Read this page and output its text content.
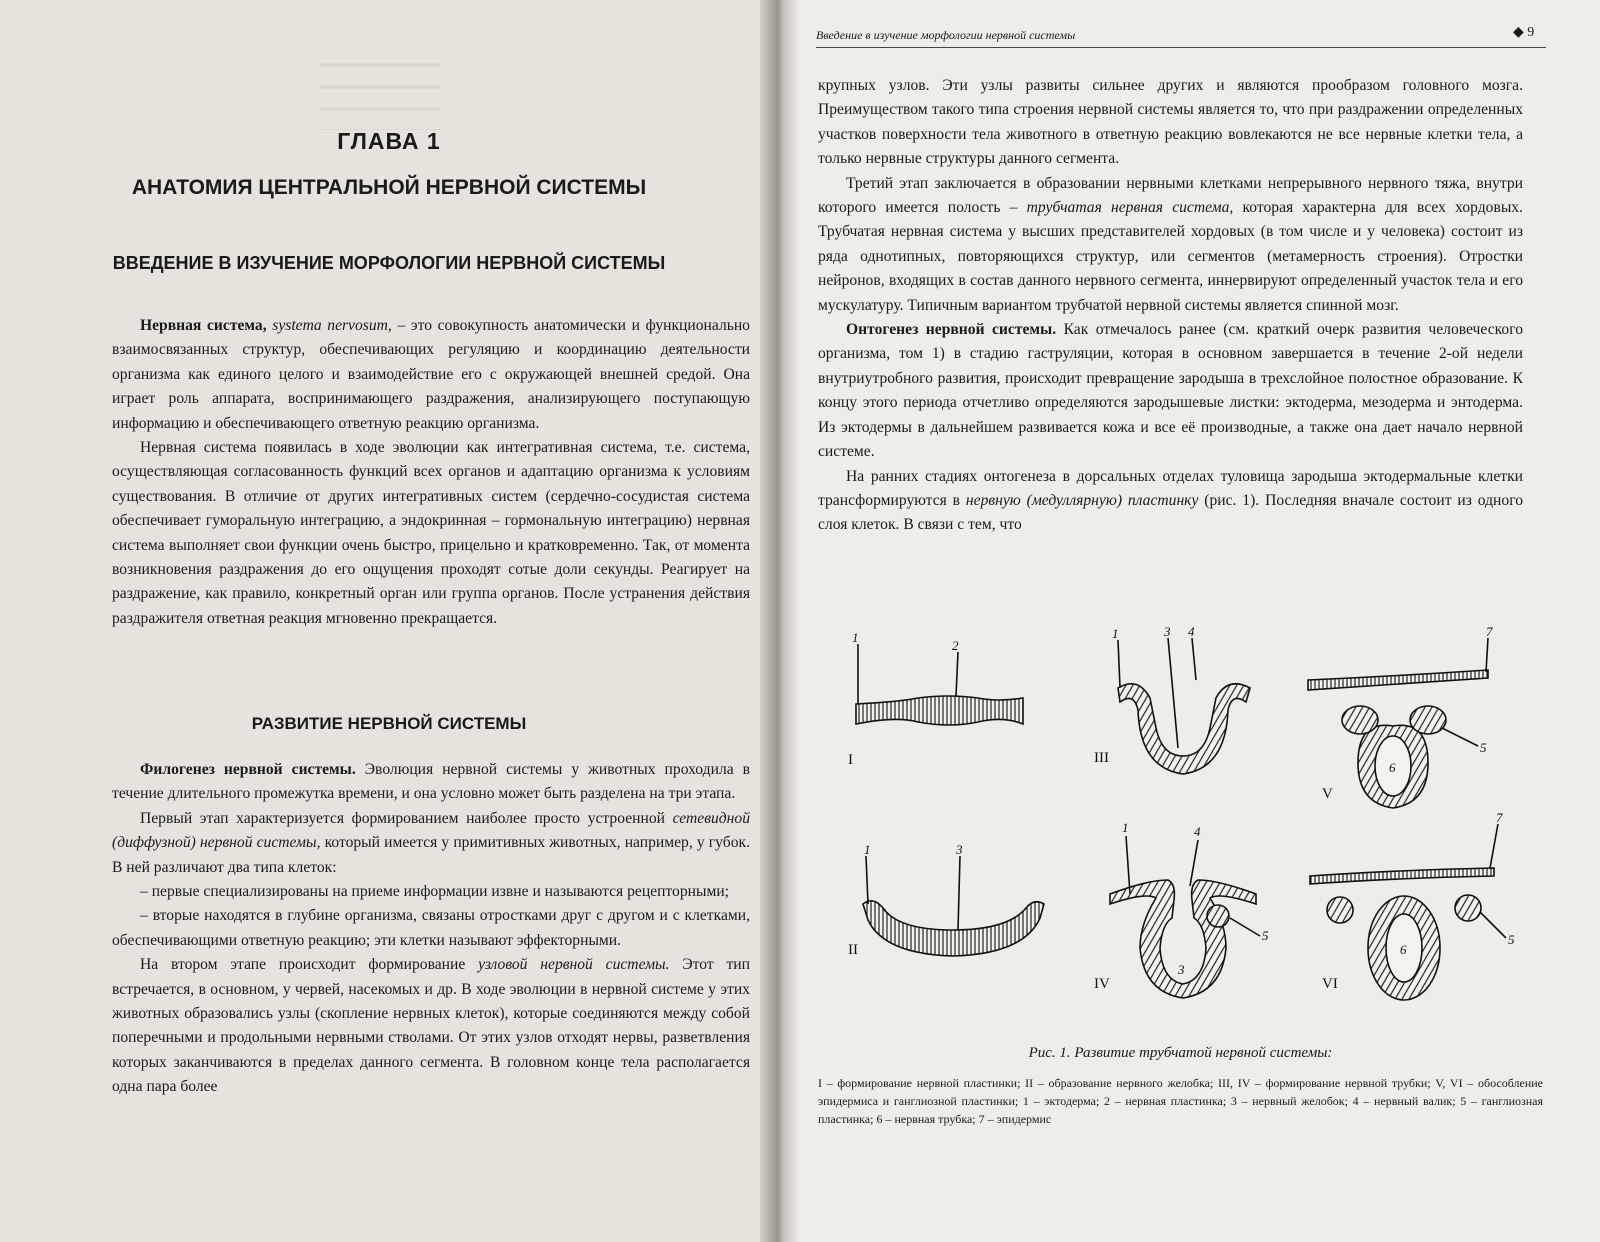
ГЛАВА 1
АНАТОМИЯ ЦЕНТРАЛЬНОЙ НЕРВНОЙ СИСТЕМЫ
ВВЕДЕНИЕ В ИЗУЧЕНИЕ МОРФОЛОГИИ НЕРВНОЙ СИСТЕМЫ

Нервная система, systema nervosum, – это совокупность анатомически и функционально взаимосвязанных структур, обеспечивающих регуляцию и координацию деятельности организма как единого целого и взаимодействие его с окружающей внешней средой. Она играет роль аппарата, воспринимающего раздражения, анализирующего поступающую информацию и обеспечивающего ответную реакцию организма.

Нервная система появилась в ходе эволюции как интегративная система, т.е. система, осуществляющая согласованность функций всех органов и адаптацию организма к условиям существования. В отличие от других интегративных систем (сердечно-сосудистая система обеспечивает гуморальную интеграцию, а эндокринная – гормональную интеграцию) нервная система выполняет свои функции очень быстро, прицельно и кратковременно. Так, от момента возникновения раздражения до его ощущения проходят сотые доли секунды. Реагирует на раздражение, как правило, конкретный орган или группа органов. После устранения действия раздражителя ответная реакция мгновенно прекращается.

РАЗВИТИЕ НЕРВНОЙ СИСТЕМЫ

Филогенез нервной системы. Эволюция нервной системы у животных проходила в течение длительного промежутка времени, и она условно может быть разделена на три этапа.

Первый этап характеризуется формированием наиболее просто устроенной сетевидной (диффузной) нервной системы, который имеется у примитивных животных, например, у губок. В ней различают два типа клеток:

– первые специализированы на приеме информации извне и называются рецепторными;

– вторые находятся в глубине организма, связаны отростками друг с другом и с клетками, обеспечивающими ответную реакцию; эти клетки называют эффекторными.

На втором этапе происходит формирование узловой нервной системы. Этот тип встречается, в основном, у червей, насекомых и др. В ходе эволюции в нервной системе у этих животных образовались узлы (скопление нервных клеток), которые соединяются между собой поперечными и продольными нервными стволами. От этих узлов отходят нервы, разветвления которых заканчиваются в пределах данного сегмента. В головном конце тела располагается одна пара более

Введение в изучение морфологии нервной системы	◆ 9

крупных узлов. Эти узлы развиты сильнее других и являются прообразом головного мозга. Преимуществом такого типа строения нервной системы является то, что при раздражении определенных участков поверхности тела животного в ответную реакцию вовлекаются не все нервные клетки тела, а только нервные структуры данного сегмента.

Третий этап заключается в образовании нервными клетками непрерывного нервного тяжа, внутри которого имеется полость – трубчатая нервная система, которая характерна для всех хордовых. Трубчатая нервная система у высших представителей хордовых (в том числе и у человека) состоит из ряда однотипных, повторяющихся структур, или сегментов (метамерность строения). Отростки нейронов, входящих в состав данного нервного сегмента, иннервируют определенный участок тела и его мускулатуру. Типичным вариантом трубчатой нервной системы является спинной мозг.

Онтогенез нервной системы. Как отмечалось ранее (см. краткий очерк развития человеческого организма, том 1) в стадию гаструляции, которая в основном завершается в течение 2-ой недели внутриутробного развития, происходит превращение зародыша в трехслойное полостное образование. К концу этого периода отчетливо определяются зародышевые листки: эктодерма, мезодерма и энтодерма. Из эктодермы в дальнейшем развивается кожа и все её производные, а также она дает начало нервной системе.

На ранних стадиях онтогенеза в дорсальных отделах туловища зародыша эктодермальные клетки трансформируются в нервную (медуллярную) пластинку (рис. 1). Последняя вначале состоит из одного слоя клеток. В связи с тем, что

I
II
III
IV
V
VI
1
2
1	3 4	7
5
6
1	3
1	4
5
3
7
5
6

Рис. 1. Развитие трубчатой нервной системы:

I – формирование нервной пластинки; II – образование нервного желобка; III, IV – формирование нервной трубки; V, VI – обособление эпидермиса и ганглиозной пластинки; 1 – эктодерма; 2 – нервная пластинка; 3 – нервный желобок; 4 – нервный валик; 5 – ганглиозная пластинка; 6 – нервная трубка; 7 – эпидермис
